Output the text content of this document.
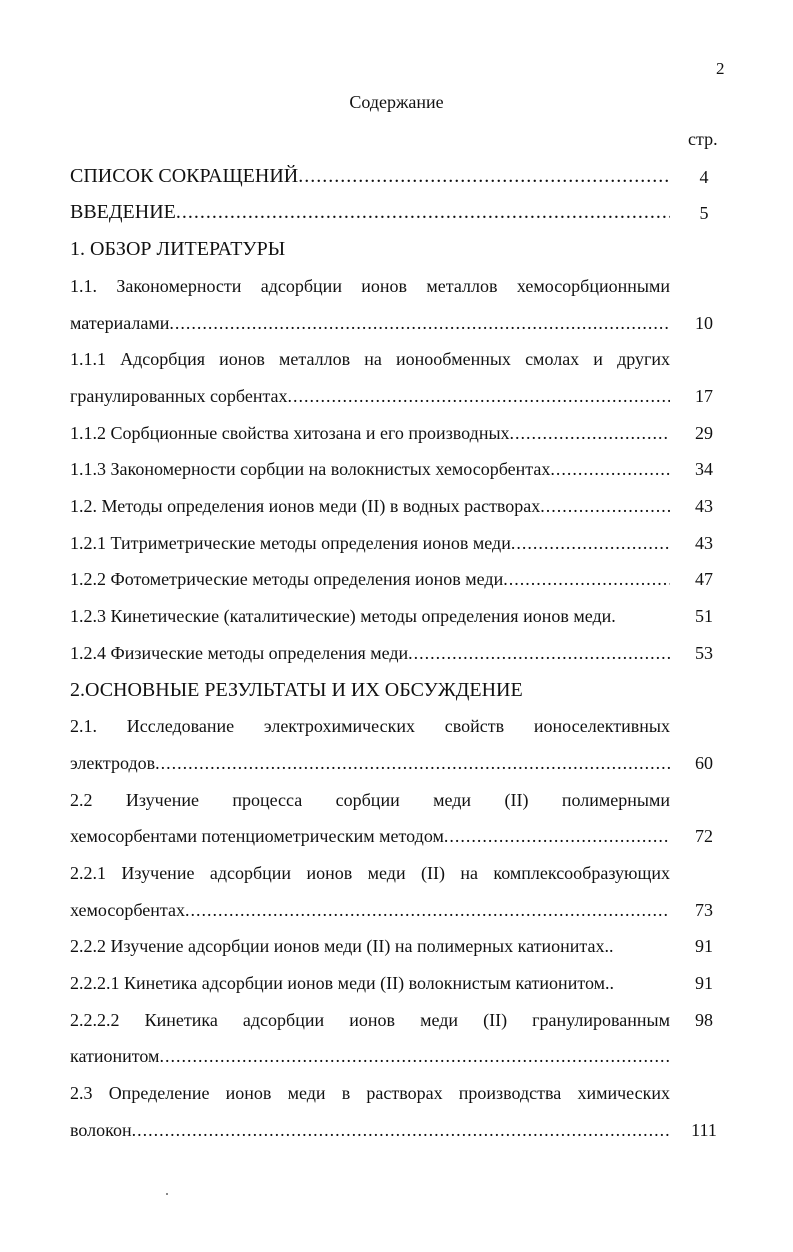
2
Содержание
стр.
СПИСОК СОКРАЩЕНИЙ .....	4
ВВЕДЕНИЕ .....	5
1. ОБЗОР ЛИТЕРАТУРЫ
1.1. Закономерности адсорбции ионов металлов хемосорбционными
материалами .....	10
1.1.1 Адсорбция ионов металлов на ионообменных смолах и других
гранулированных сорбентах .....	17
1.1.2 Сорбционные свойства хитозана и его производных .....	29
1.1.3 Закономерности сорбции на волокнистых хемосорбентах .....	34
1.2. Методы определения ионов меди (II) в водных растворах .....	43
1.2.1 Титриметрические методы определения ионов меди .....	43
1.2.2 Фотометрические методы определения ионов меди .....	47
1.2.3 Кинетические (каталитические) методы определения ионов меди.	51
1.2.4 Физические методы определения меди .....	53
2.ОСНОВНЫЕ РЕЗУЛЬТАТЫ И ИХ ОБСУЖДЕНИЕ
2.1. Исследование электрохимических свойств ионоселективных
электродов .....	60
2.2 Изучение процесса сорбции меди (II) полимерными
хемосорбентами потенциометрическим методом .....	72
2.2.1 Изучение адсорбции ионов меди (II) на комплексообразующих
хемосорбентах .....	73
2.2.2 Изучение адсорбции ионов меди (II) на полимерных катионитах..	91
2.2.2.1 Кинетика адсорбции ионов меди (II) волокнистым катионитом..	91
2.2.2.2 Кинетика адсорбции ионов меди (II) гранулированным	98
катионитом
.....
2.3 Определение ионов меди в растворах производства химических
волокон .....	111
